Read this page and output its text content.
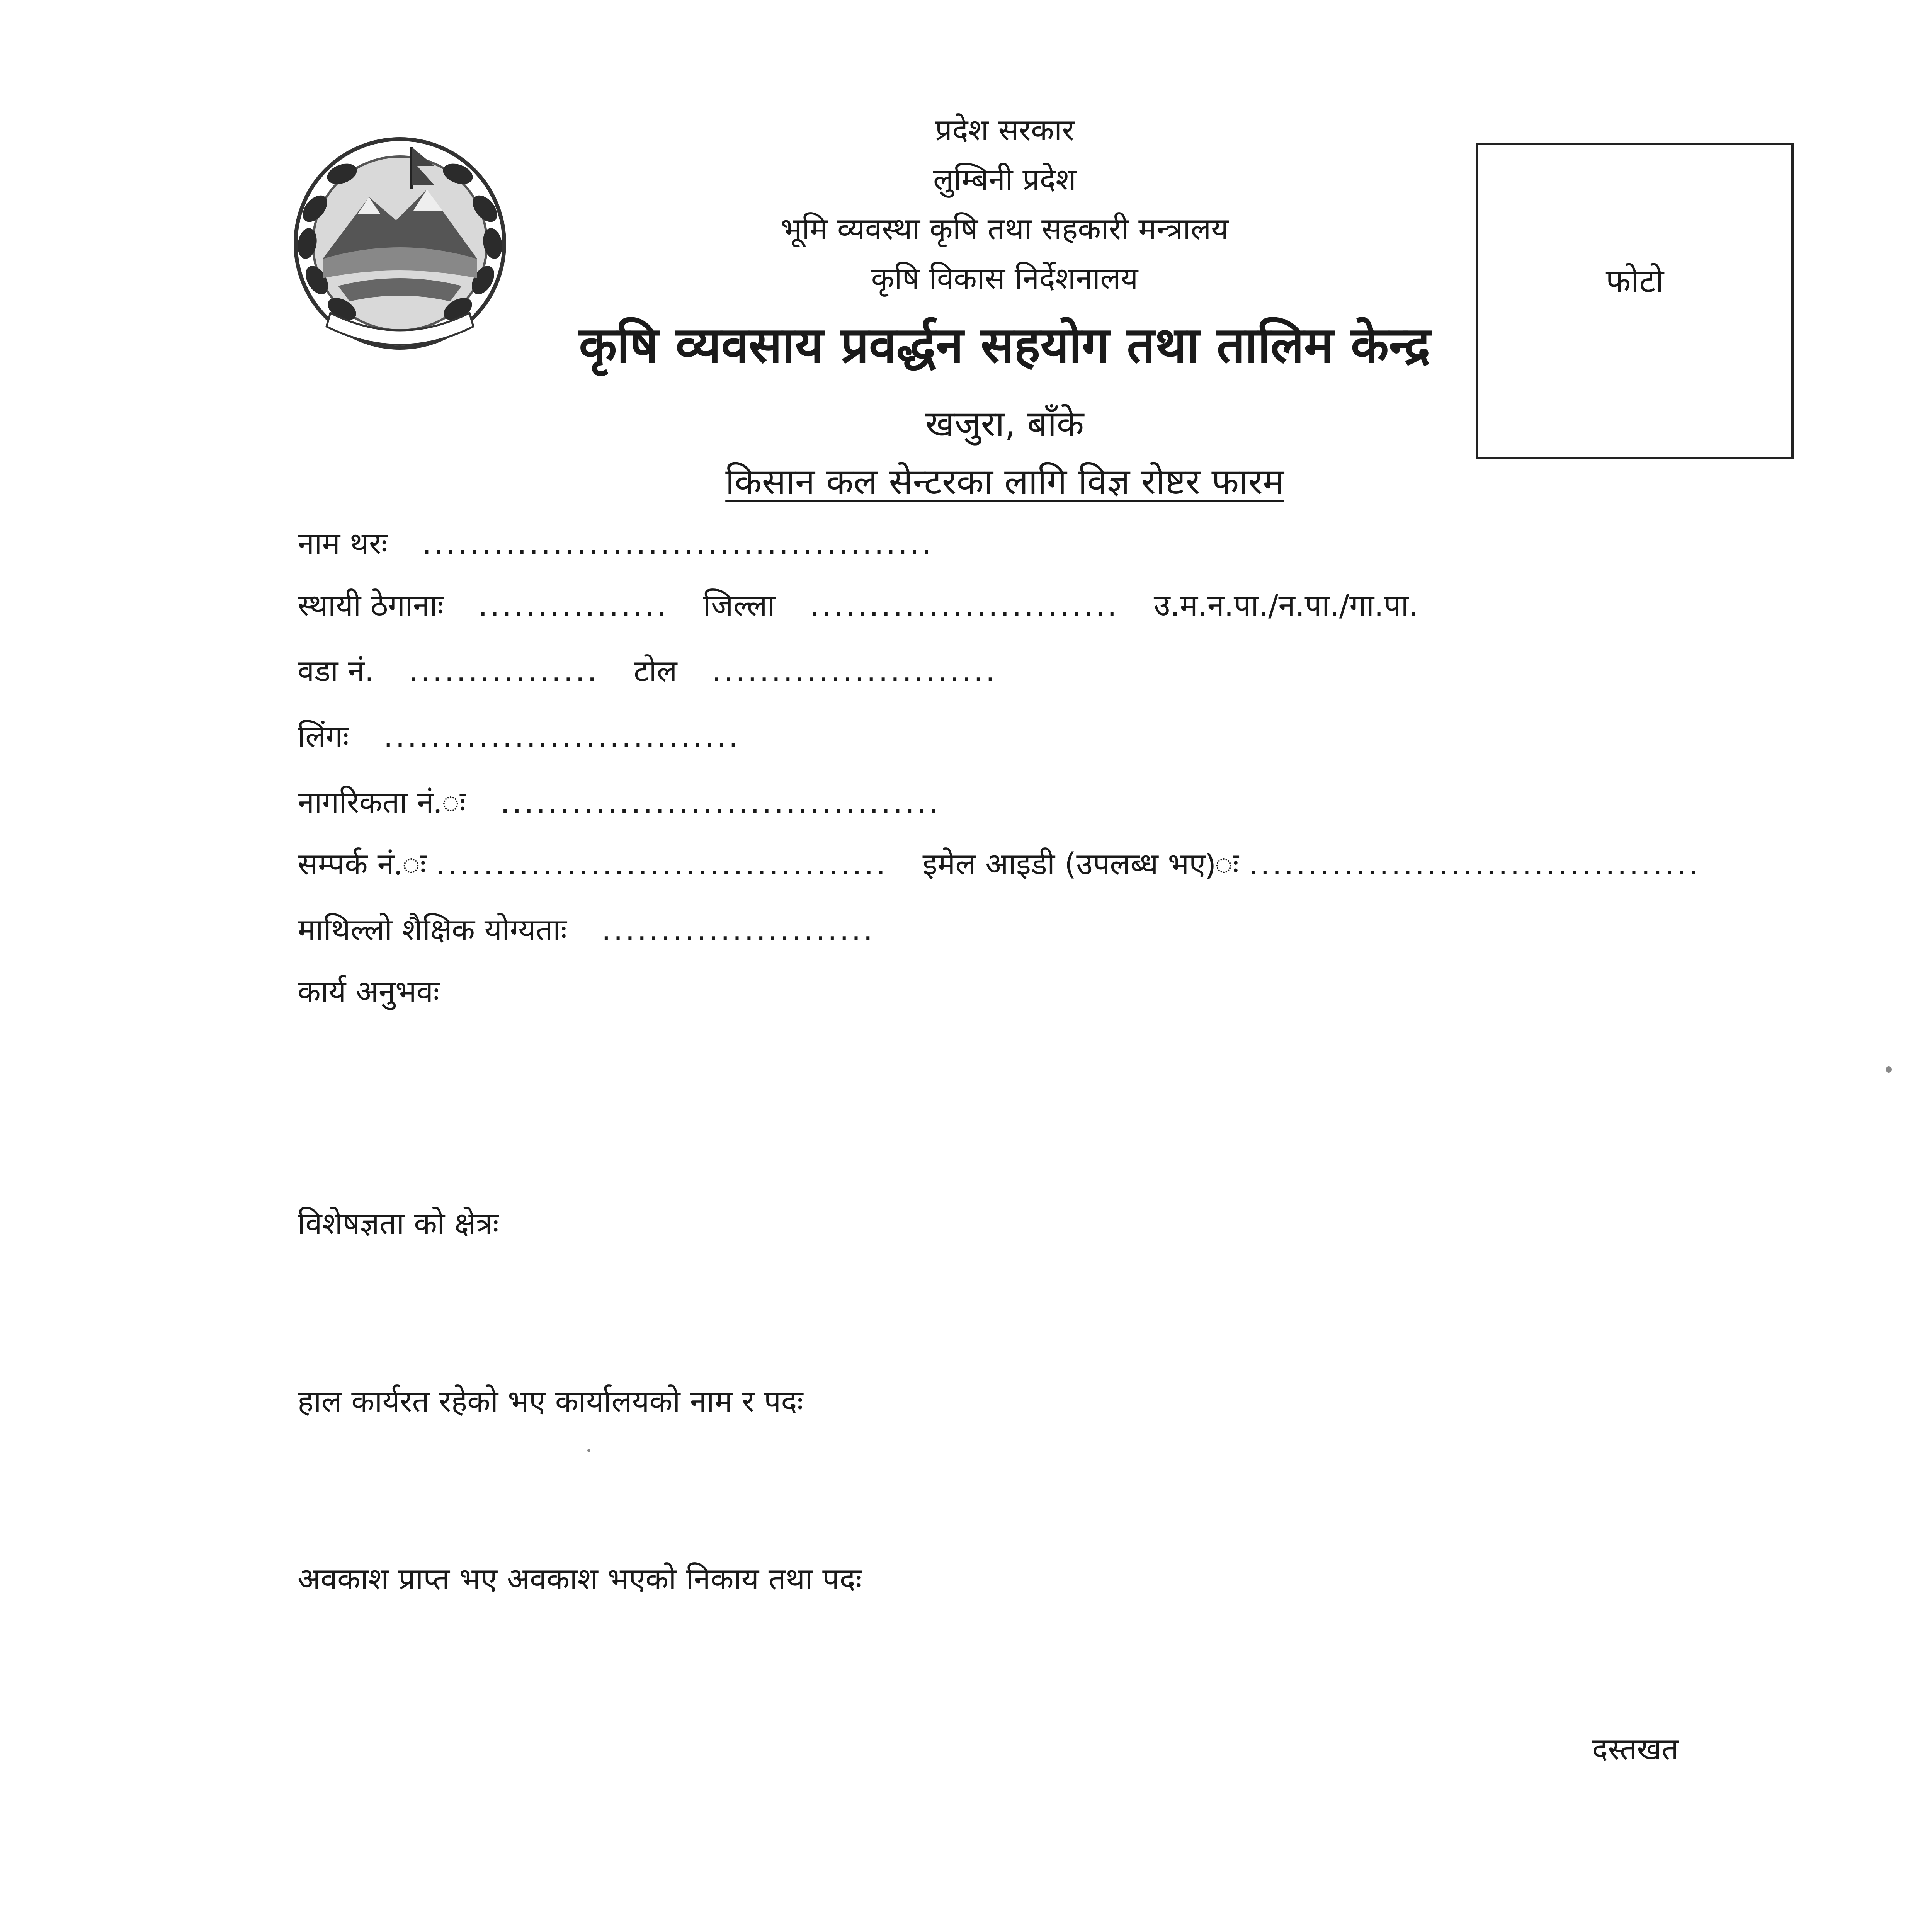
प्रदेश सरकार
लुम्बिनी प्रदेश
भूमि व्यवस्था कृषि तथा सहकारी मन्त्रालय
कृषि विकास निर्देशनालय
कृषि व्यवसाय प्रवर्द्धन सहयोग तथा तालिम केन्द्र
खजुरा, बाँके
किसान कल सेन्टरका लागि विज्ञ रोष्टर फारम
फोटो
नाम थरः ...........................................
स्थायी ठेगानाः ................ जिल्ला .......................... उ.म.न.पा./न.पा./गा.पा.
वडा नं. ................ टोल ........................
लिंगः ..............................
नागरिकता नं.ः .....................................
सम्पर्क नं.ः ...................................... इमेल आइडी (उपलब्ध भए)ः ......................................
माथिल्लो शैक्षिक योग्यताः .......................
कार्य अनुभवः
विशेषज्ञता को क्षेत्रः
हाल कार्यरत रहेको भए कार्यालयको नाम र पदः
अवकाश प्राप्त भए अवकाश भएको निकाय तथा पदः
दस्तखत
